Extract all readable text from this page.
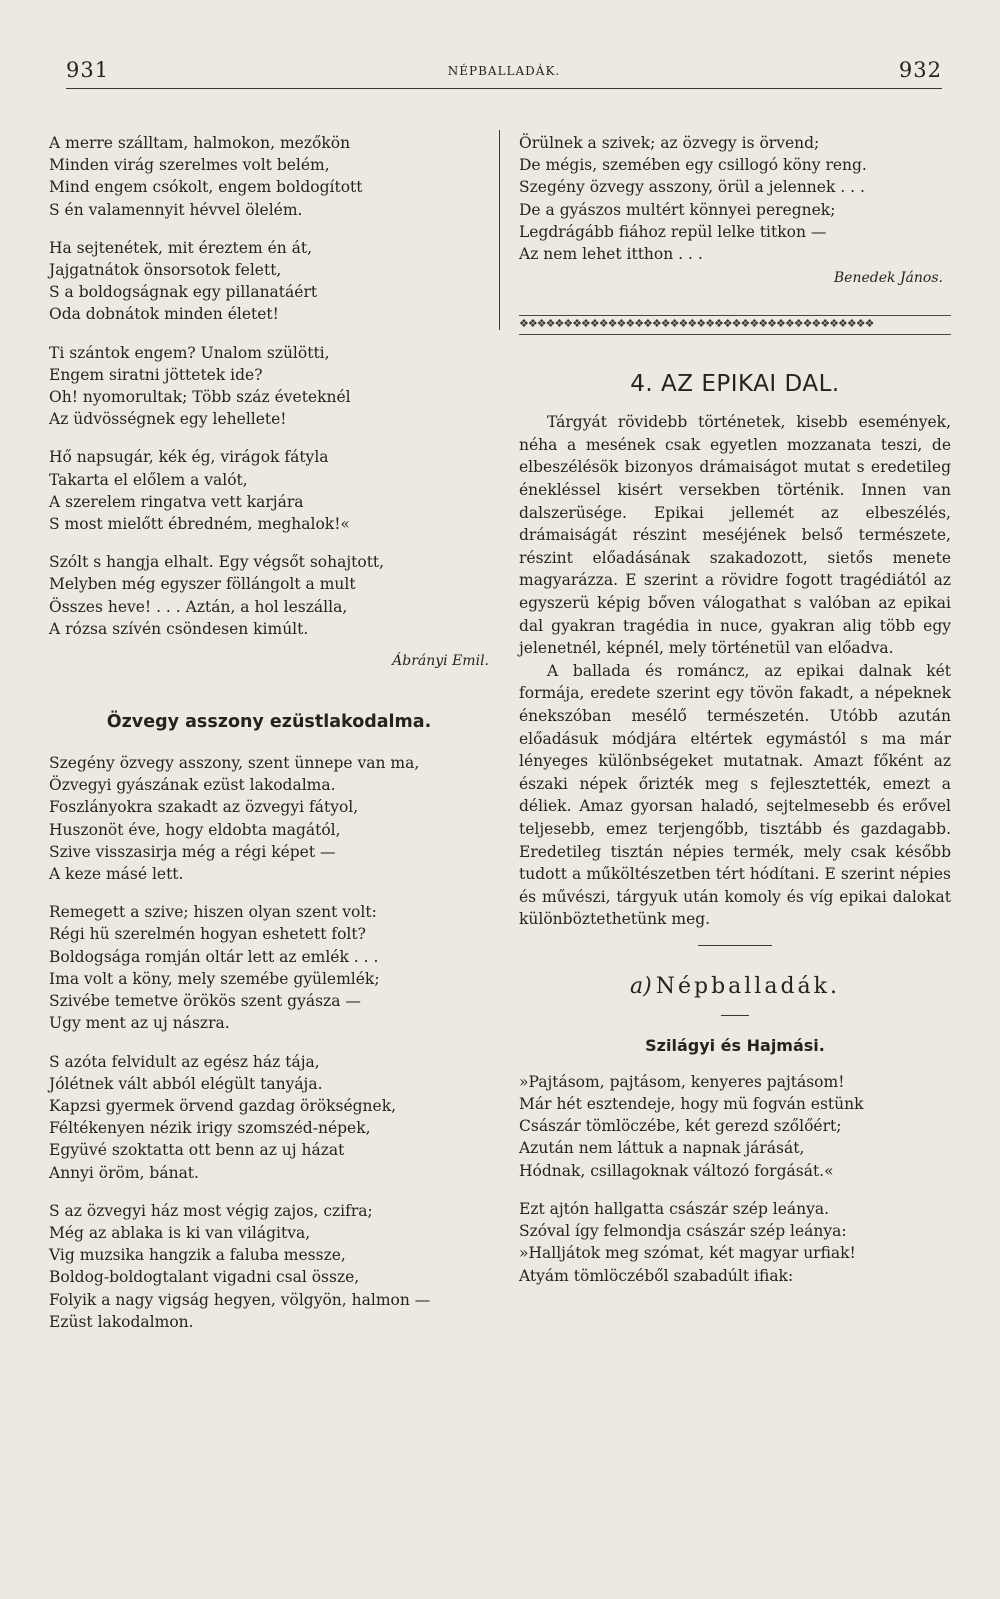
931	NÉPBALLADÁK.	932
A merre szálltam, halmokon, mezőkön
Minden virág szerelmes volt belém,
Mind engem csókolt, engem boldogított
S én valamennyit hévvel ölelém.
Ha sejtenétek, mit éreztem én át,
Jajgatnátok önsorsotok felett,
S a boldogságnak egy pillanatáért
Oda dobnátok minden életet!
Ti szántok engem? Unalom szülötti,
Engem siratni jöttetek ide?
Oh! nyomorultak; Több száz éveteknél
Az üdvösségnek egy lehellete!
Hő napsugár, kék ég, virágok fátyla
Takarta el előlem a valót,
A szerelem ringatva vett karjára
S most mielőtt ébredném, meghalok!«
Szólt s hangja elhalt. Egy végsőt sohajtott,
Melyben még egyszer föllángolt a mult
Összes heve! . . . Aztán, a hol leszálla,
A rózsa szívén csöndesen kimúlt.
Ábrányi Emil.
Özvegy asszony ezüstlakodalma.
Szegény özvegy asszony, szent ünnepe van ma,
Özvegyi gyászának ezüst lakodalma.
Foszlányokra szakadt az özvegyi fátyol,
Huszonöt éve, hogy eldobta magától,
Szive visszasirja még a régi képet —
A keze másé lett.
Remegett a szive; hiszen olyan szent volt:
Régi hü szerelmén hogyan eshetett folt?
Boldogsága romján oltár lett az emlék . . .
Ima volt a köny, mely szemébe gyülemlék;
Szivébe temetve örökös szent gyásza —
Ugy ment az uj nászra.
S azóta felvidult az egész ház tája,
Jólétnek vált abból elégült tanyája.
Kapzsi gyermek örvend gazdag örökségnek,
Féltékenyen nézik irigy szomszéd-népek,
Együvé szoktatta ott benn az uj házat
Annyi öröm, bánat.
S az özvegyi ház most végig zajos, czifra;
Még az ablaka is ki van világitva,
Vig muzsika hangzik a faluba messze,
Boldog-boldogtalant vigadni csal össze,
Folyik a nagy vigság hegyen, völgyön, halmon —
Ezüst lakodalmon.
Örülnek a szivek; az özvegy is örvend;
De mégis, szemében egy csillogó köny reng.
Szegény özvegy asszony, örül a jelennek . . .
De a gyászos multért könnyei peregnek;
Legdrágább fiához repül lelke titkon —
Az nem lehet itthon . . .
Benedek János.
❖❖❖❖❖❖❖❖❖❖❖❖❖❖❖❖❖❖❖❖❖❖❖❖❖❖❖❖❖❖❖❖❖❖❖❖❖❖❖❖
4. AZ EPIKAI DAL.

Tárgyát rövidebb történetek, kisebb események, néha a mesének csak egyetlen mozzanata teszi, de elbeszélésök bizonyos drámaiságot mutat s eredetileg énekléssel kisért versekben történik. Innen van dalszerüsége. Epikai jellemét az elbeszélés, drámaiságát részint meséjének belső természete, részint előadásának szakadozott, sietős menete magyarázza. E szerint a rövidre fogott tragédiától az egyszerü képig bőven válogathat s valóban az epikai dal gyakran tragédia in nuce, gyakran alig több egy jelenetnél, képnél, mely történetül van előadva.

A ballada és románcz, az epikai dalnak két formája, eredete szerint egy tövön fakadt, a népeknek énekszóban mesélő természetén. Utóbb azután előadásuk módjára eltértek egymástól s ma már lényeges különbségeket mutatnak. Amazt főként az északi népek őrizték meg s fejlesztették, emezt a déliek. Amaz gyorsan haladó, sejtelmesebb és erővel teljesebb, emez terjengőbb, tisztább és gazdagabb. Eredetileg tisztán népies termék, mely csak később tudott a műköltészetben tért hódítani. E szerint népies és művészi, tárgyuk után komoly és víg epikai dalokat különböztethetünk meg.

a) Népballadák.
Szilágyi és Hajmási.
»Pajtásom, pajtásom, kenyeres pajtásom!
Már hét esztendeje, hogy mü fogván estünk
Császár tömlöczébe, két gerezd szőlőért;
Azután nem láttuk a napnak járását,
Hódnak, csillagoknak változó forgását.«
Ezt ajtón hallgatta császár szép leánya.
Szóval így felmondja császár szép leánya:
»Halljátok meg szómat, két magyar urfiak!
Atyám tömlöczéből szabadúlt ifiak:
